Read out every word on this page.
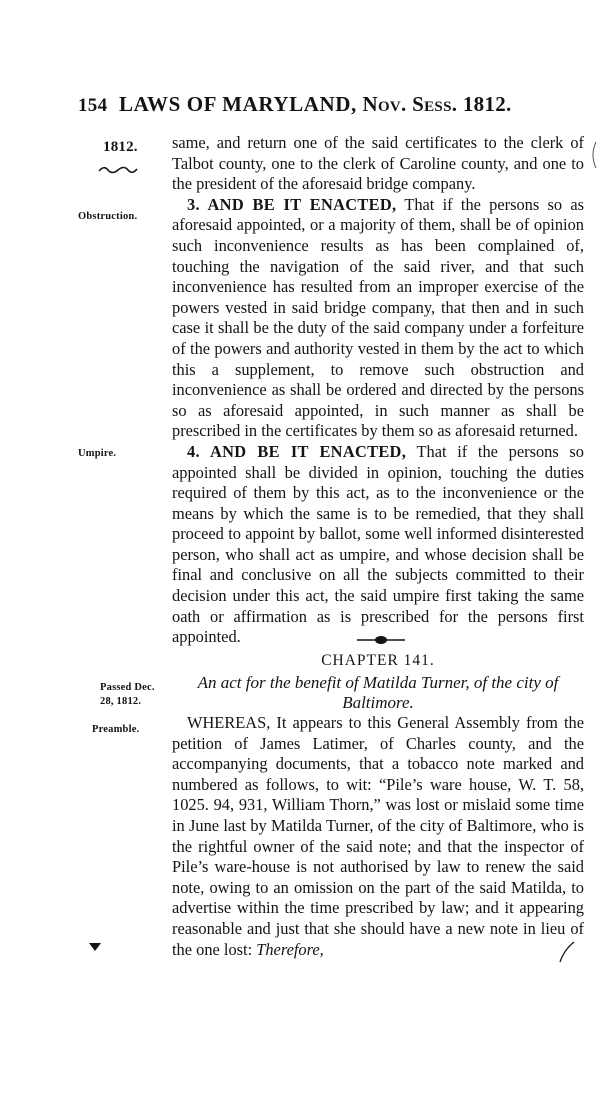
154 LAWS OF MARYLAND, Nov. Sess. 1812.
1812.
Obstruction.
Umpire.
Passed Dec.
28, 1812.
Preamble.

same, and return one of the said certificates to the clerk of Talbot county, one to the clerk of Caroline county, and one to the president of the aforesaid bridge company.

3. AND BE IT ENACTED, That if the persons so as aforesaid appointed, or a majority of them, shall be of opinion such inconvenience results as has been complained of, touching the navigation of the said river, and that such inconvenience has resulted from an improper exercise of the powers vested in said bridge company, that then and in such case it shall be the duty of the said company under a forfeiture of the powers and authority vested in them by the act to which this a supplement, to remove such obstruction and inconvenience as shall be ordered and directed by the persons so as aforesaid appointed, in such manner as shall be prescribed in the certificates by them so as aforesaid returned.

4. AND BE IT ENACTED, That if the persons so appointed shall be divided in opinion, touching the duties required of them by this act, as to the inconvenience or the means by which the same is to be remedied, that they shall proceed to appoint by ballot, some well informed disinterested person, who shall act as umpire, and whose decision shall be final and conclusive on all the subjects committed to their decision under this act, the said umpire first taking the same oath or affirmation as is prescribed for the persons first appointed.

CHAPTER 141.
An act for the benefit of Matilda Turner, of the city of Baltimore.

WHEREAS, It appears to this General Assembly from the petition of James Latimer, of Charles county, and the accompanying documents, that a tobacco note marked and numbered as follows, to wit: “Pile’s ware house, W. T. 58, 1025. 94, 931, William Thorn,” was lost or mislaid some time in June last by Matilda Turner, of the city of Baltimore, who is the rightful owner of the said note; and that the inspector of Pile’s ware-house is not authorised by law to renew the said note, owing to an omission on the part of the said Matilda, to advertise within the time prescribed by law; and it appearing reasonable and just that she should have a new note in lieu of the one lost: Therefore,
